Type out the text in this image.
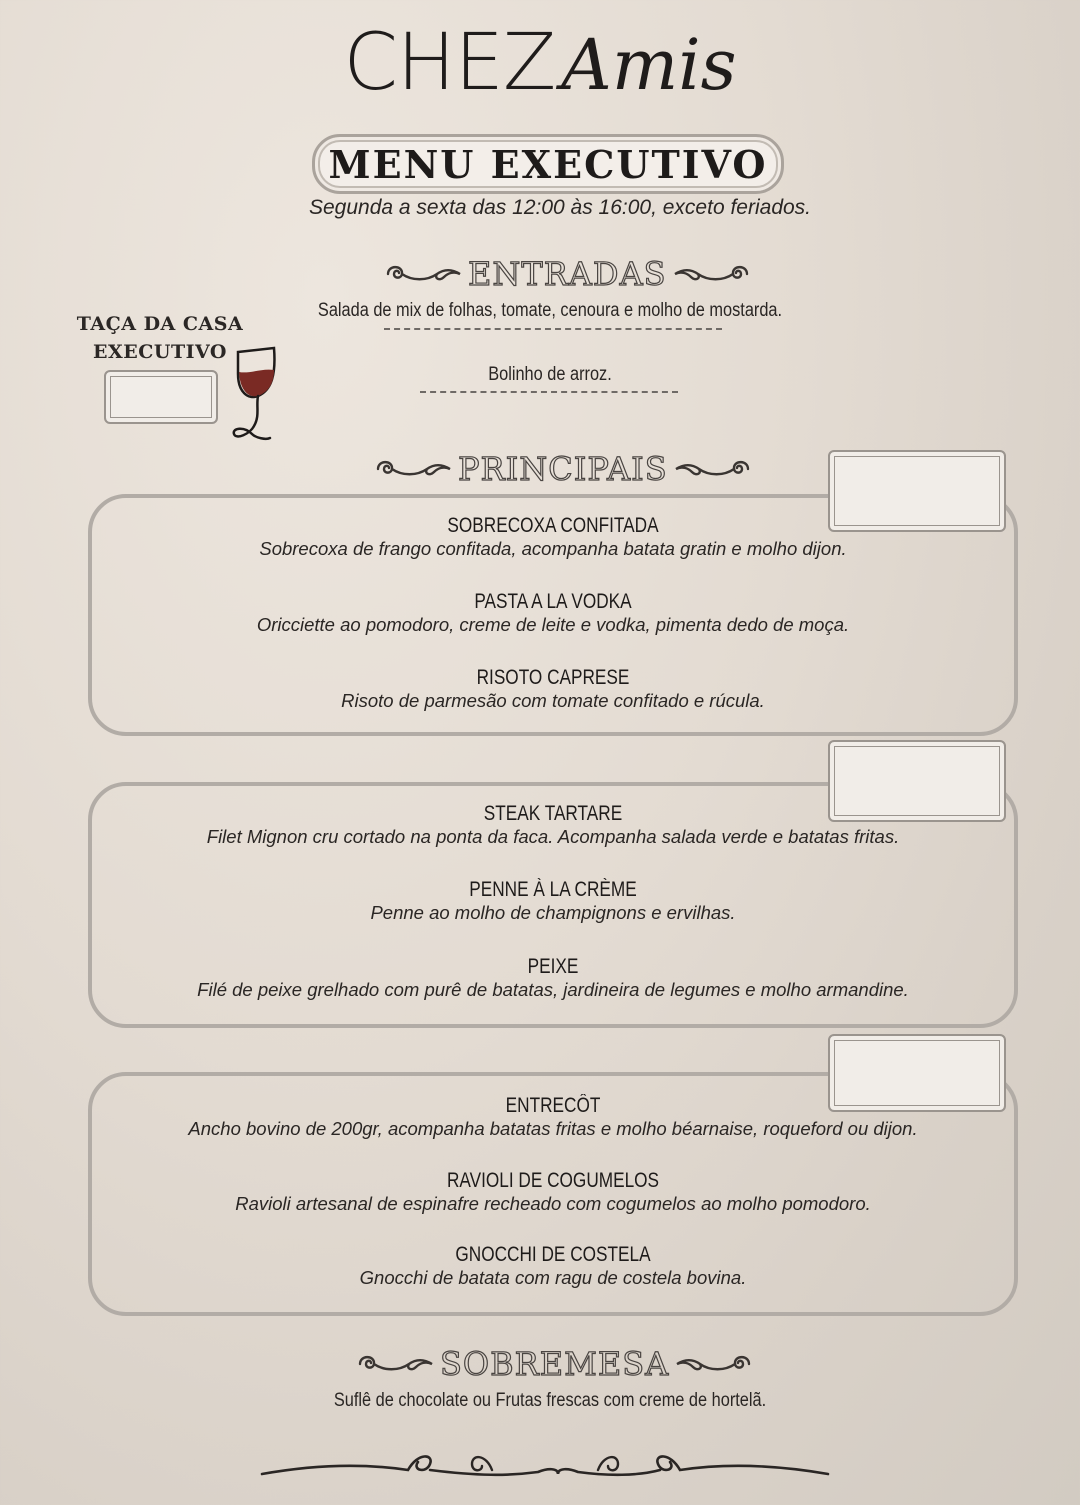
CHEZAmis
MENU EXECUTIVO
Segunda a sexta das 12:00 às 16:00, exceto feriados.
ENTRADAS
Salada de mix de folhas, tomate, cenoura e molho de mostarda.
Bolinho de arroz.
TAÇA DA CASA
EXECUTIVO
PRINCIPAIS
SOBRECOXA CONFITADA
Sobrecoxa de frango confitada, acompanha batata gratin e molho dijon.
PASTA A LA VODKA
Oricciette ao pomodoro, creme de leite e vodka, pimenta dedo de moça.
RISOTO CAPRESE
Risoto de parmesão com tomate confitado e rúcula.
STEAK TARTARE
Filet Mignon cru cortado na ponta da faca. Acompanha salada verde e batatas fritas.
PENNE À LA CRÈME
Penne ao molho de champignons e ervilhas.
PEIXE
Filé de peixe grelhado com purê de batatas, jardineira de legumes e molho armandine.
ENTRECÔT
Ancho bovino de 200gr, acompanha batatas fritas e molho béarnaise, roqueford ou dijon.
RAVIOLI DE COGUMELOS
Ravioli artesanal de espinafre recheado com cogumelos ao molho pomodoro.
GNOCCHI DE COSTELA
Gnocchi de batata com ragu de costela bovina.
SOBREMESA
Suflê de chocolate ou Frutas frescas com creme de hortelã.
